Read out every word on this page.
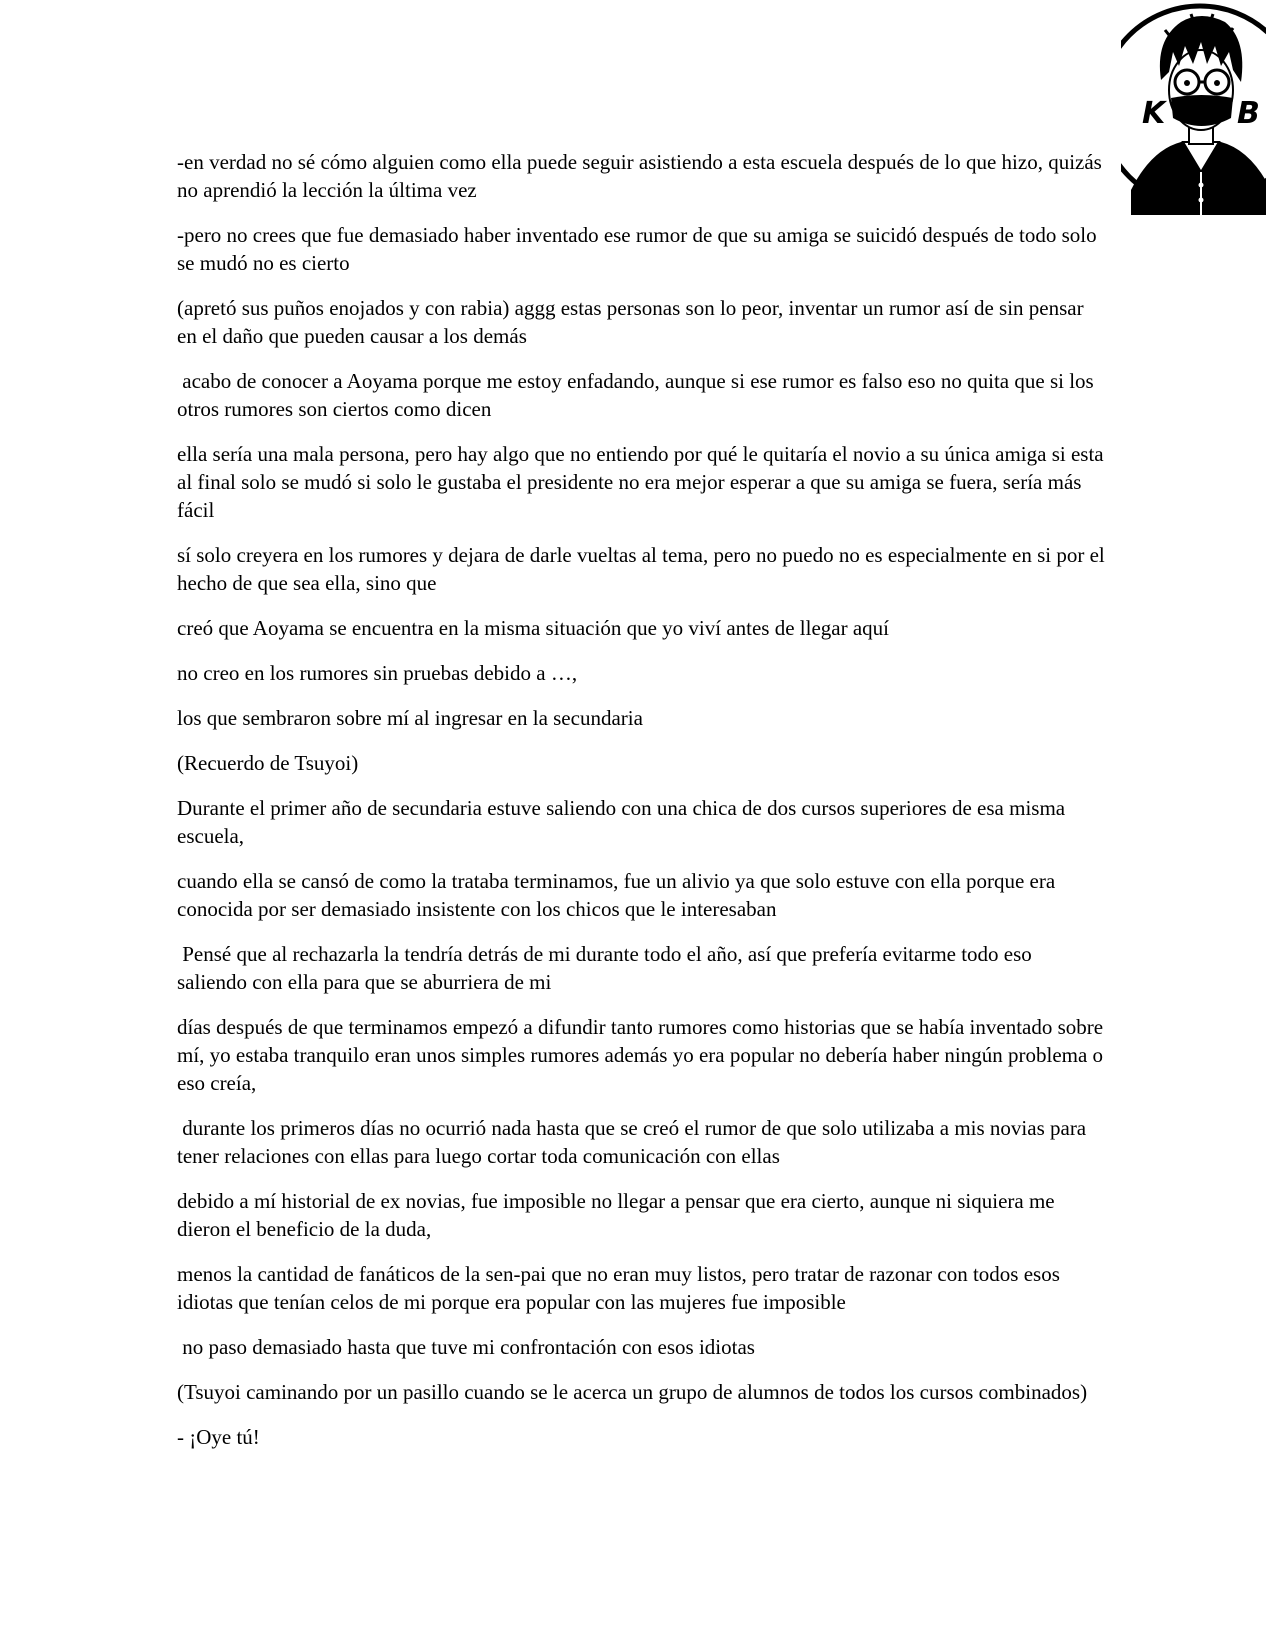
K B

-en verdad no sé cómo alguien como ella puede seguir asistiendo a esta escuela después de lo que hizo, quizás no aprendió la lección la última vez

-pero no crees que fue demasiado haber inventado ese rumor de que su amiga se suicidó después de todo solo se mudó no es cierto

(apretó sus puños enojados y con rabia) aggg estas personas son lo peor, inventar un rumor así de sin pensar en el daño que pueden causar a los demás

acabo de conocer a Aoyama porque me estoy enfadando, aunque si ese rumor es falso eso no quita que si los otros rumores son ciertos como dicen

ella sería una mala persona, pero hay algo que no entiendo por qué le quitaría el novio a su única amiga si esta al final solo se mudó si solo le gustaba el presidente no era mejor esperar a que su amiga se fuera, sería más fácil

sí solo creyera en los rumores y dejara de darle vueltas al tema, pero no puedo no es especialmente en si por el hecho de que sea ella, sino que

creó que Aoyama se encuentra en la misma situación que yo viví antes de llegar aquí

no creo en los rumores sin pruebas debido a …,

los que sembraron sobre mí al ingresar en la secundaria

(Recuerdo de Tsuyoi)

Durante el primer año de secundaria estuve saliendo con una chica de dos cursos superiores de esa misma escuela,

cuando ella se cansó de como la trataba terminamos, fue un alivio ya que solo estuve con ella porque era conocida por ser demasiado insistente con los chicos que le interesaban

Pensé que al rechazarla la tendría detrás de mi durante todo el año, así que prefería evitarme todo eso saliendo con ella para que se aburriera de mi

días después de que terminamos empezó a difundir tanto rumores como historias que se había inventado sobre mí, yo estaba tranquilo eran unos simples rumores además yo era popular no debería haber ningún problema o eso creía,

durante los primeros días no ocurrió nada hasta que se creó el rumor de que solo utilizaba a mis novias para tener relaciones con ellas para luego cortar toda comunicación con ellas

debido a mí historial de ex novias, fue imposible no llegar a pensar que era cierto, aunque ni siquiera me dieron el beneficio de la duda,

menos la cantidad de fanáticos de la sen-pai que no eran muy listos, pero tratar de razonar con todos esos idiotas que tenían celos de mi porque era popular con las mujeres fue imposible

no paso demasiado hasta que tuve mi confrontación con esos idiotas

(Tsuyoi caminando por un pasillo cuando se le acerca un grupo de alumnos de todos los cursos combinados)

- ¡Oye tú!
